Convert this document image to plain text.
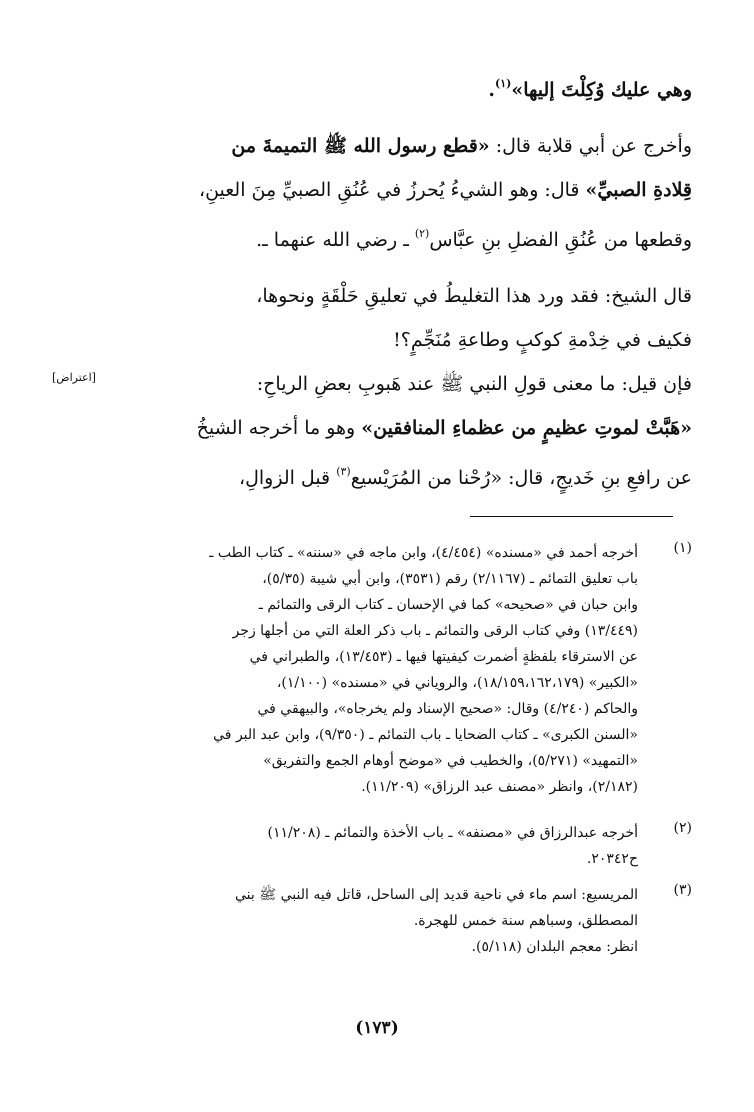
وهي عليك وُكِلْتَ إليها»$^{(١)}$.
وأخرج عن أبي قلابة قال: «قطع رسول الله ﷺ التميمةَ من
قِلادةِ الصبيِّ» قال: وهو الشيءُ يُحرزُ في عُنُقِ الصبيِّ مِنَ العينِ،
وقطعها من عُنُقِ الفضلِ بنِ عبَّاس$^{(٢)}$ ـ رضي الله عنهما ـ.
قال الشيخ: فقد ورد هذا التغليطُ في تعليقِ حَلْقَةٍ ونحوها،
فكيف في خِدْمةِ كوكبٍ وطاعةِ مُنَجِّمٍ؟!
فإن قيل: ما معنى قولِ النبي ﷺ عند هَبوبِ بعضِ الرياحِ:
«هَبَّتْ لموتِ عظيمٍ من عظماءِ المنافقين» وهو ما أخرجه الشيخُ
عن رافعِ بنِ خَديجٍ، قال: «رُحْنا من المُرَيْسيع$^{(٣)}$ قبل الزوالِ،
[اعتراض]
(١)
أخرجه أحمد في «مسنده» (٤/٤٥٤)، وابن ماجه في «سننه» ـ كتاب الطب ـ
باب تعليق التمائم ـ (٢/١١٦٧) رقم (٣٥٣١)، وابن أبي شيبة (٥/٣٥)،
وابن حبان في «صحيحه» كما في الإحسان ـ كتاب الرقى والتمائم ـ
(١٣/٤٤٩) وفي كتاب الرقى والتمائم ـ باب ذكر العلة التي من أجلها زجر
عن الاسترقاء بلفظةٍ أضمرت كيفيتها فيها ـ (١٣/٤٥٣)، والطبراني في
«الكبير» (١٨/١٥٩،١٦٢،١٧٩)، والروياني في «مسنده» (١/١٠٠)،
والحاكم (٤/٢٤٠) وقال: «صحيح الإسناد ولم يخرجاه»، والبيهقي في
«السنن الكبرى» ـ كتاب الضحايا ـ باب التمائم ـ (٩/٣٥٠)، وابن عبد البر في
«التمهيد» (٥/٢٧١)، والخطيب في «موضح أوهام الجمع والتفريق»
(٢/١٨٢)، وانظر «مصنف عبد الرزاق» (١١/٢٠٩).
(٢)
أخرجه عبدالرزاق في «مصنفه» ـ باب الأخذة والتمائم ـ (١١/٢٠٨)
ح٢٠٣٤٢.
(٣)
المريسيع: اسم ماء في ناحية قديد إلى الساحل، قاتل فيه النبي ﷺ بني
المصطلق، وسباهم سنة خمس للهجرة.
انظر: معجم البلدان (٥/١١٨).
(١٧٣)
